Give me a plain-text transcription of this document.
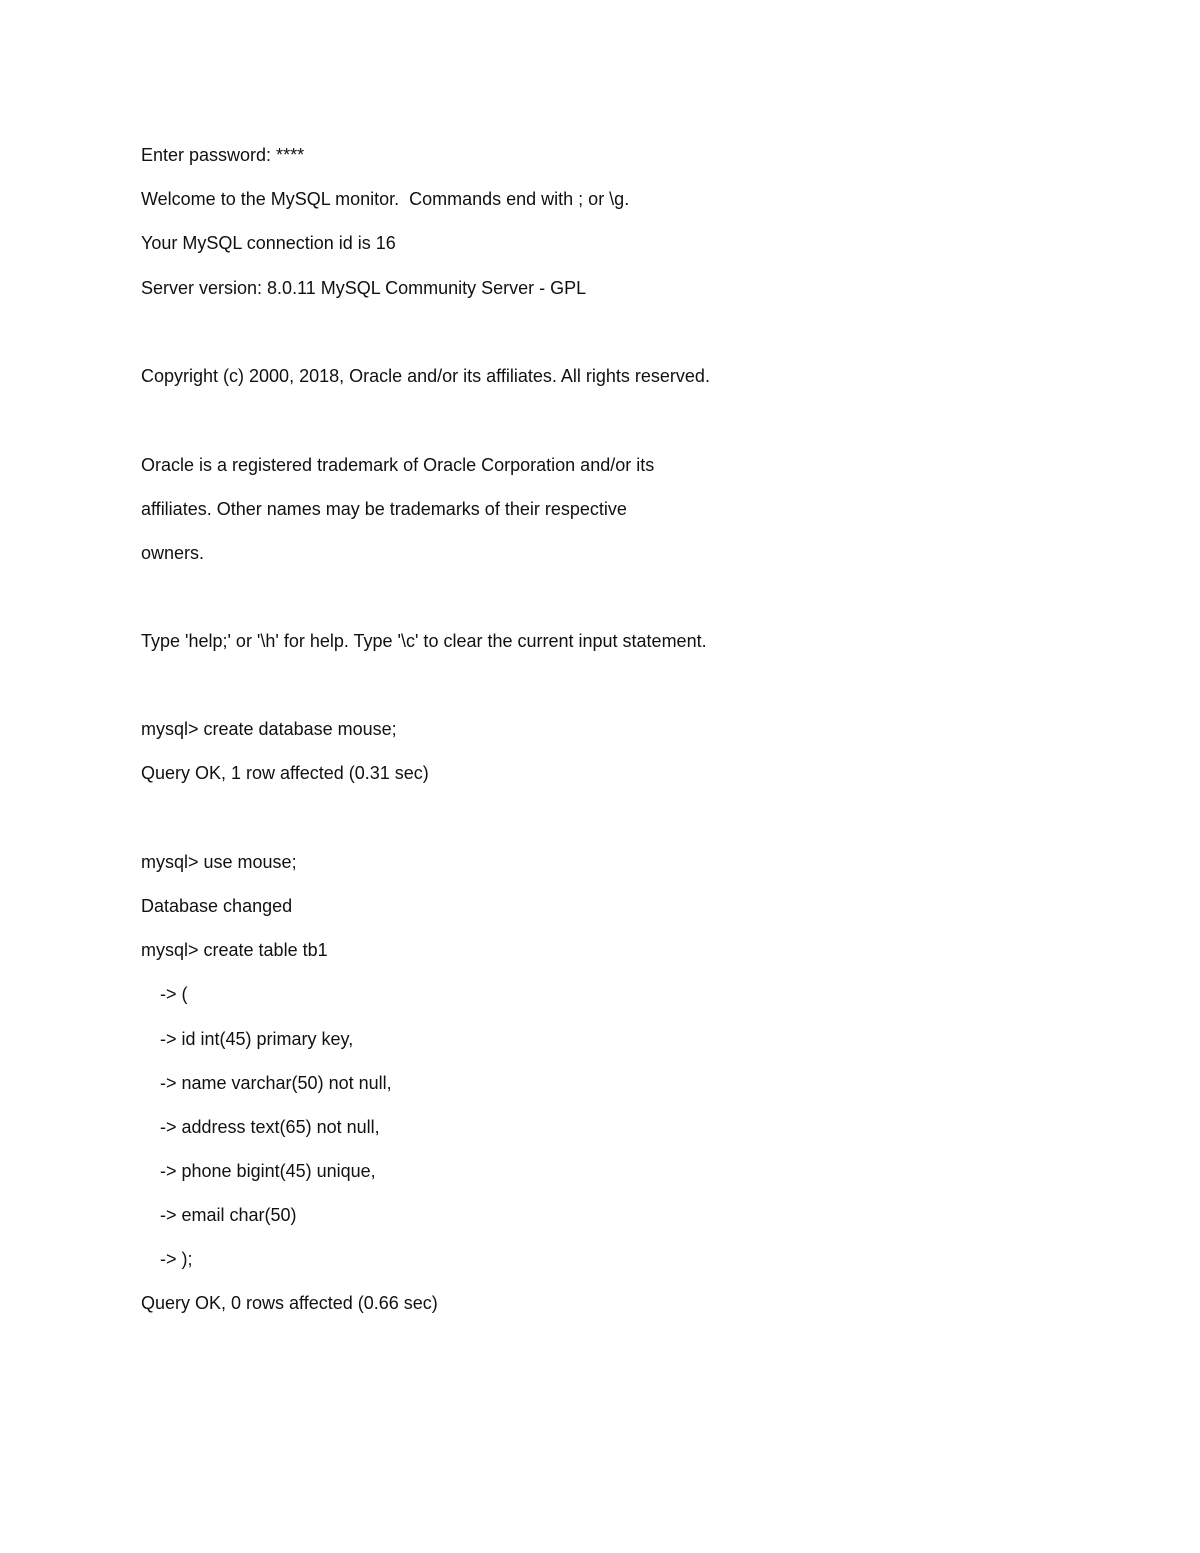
Enter password: ****

Welcome to the MySQL monitor.  Commands end with ; or \g.

Your MySQL connection id is 16

Server version: 8.0.11 MySQL Community Server - GPL

Copyright (c) 2000, 2018, Oracle and/or its affiliates. All rights reserved.

Oracle is a registered trademark of Oracle Corporation and/or its

affiliates. Other names may be trademarks of their respective

owners.

Type 'help;' or '\h' for help. Type '\c' to clear the current input statement.

mysql> create database mouse;

Query OK, 1 row affected (0.31 sec)

mysql> use mouse;

Database changed

mysql> create table tb1

-> (

-> id int(45) primary key,

-> name varchar(50) not null,

-> address text(65) not null,

-> phone bigint(45) unique,

-> email char(50)

-> );

Query OK, 0 rows affected (0.66 sec)
